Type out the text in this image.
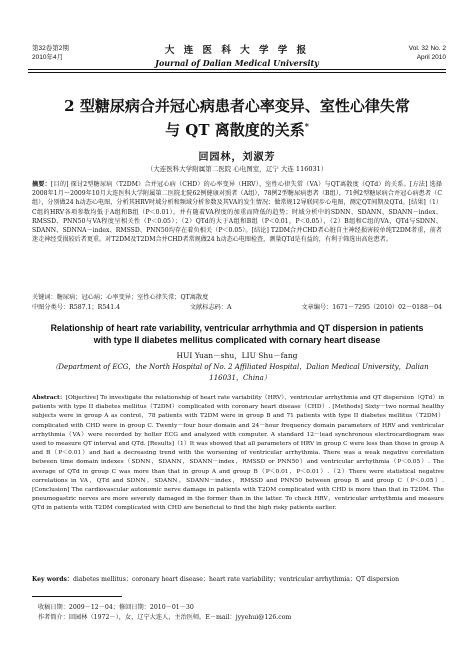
第32卷第2期
2010年4月
大 连 医 科 大 学 学 报
Journal of Dalian Medical University
Vol. 32 No. 2
April 2010
2 型糖尿病合并冠心病患者心率变异、室性心律失常
与 QT 离散度的关系*
回园林，刘淑芳
（大连医科大学附属第二医院 心电图室，辽宁 大连 116031）
摘要：[目的] 探讨2型糖尿病（T2DM）合并冠心病（CHD）的心率变异（HRV）、室性心律失常（VA）与QT离散度（QTd）的关系。[方法] 选择2008年1月～2009年10月大连医科大学附属第二医院北院62例健康对照者（A组），78例2型糖尿病患者（B组），71例2型糖尿病合并冠心病患者（C组），分别做24 h动态心电图，分析其HRV时域分析和频域分析参数及其VA的发生情况；做常规12导联同步心电图，测定QT间期及QTd。[结果]（1）C组的HRV各项参数均低于A组和B组（P＜0.01），并有随着VA程度的加重而降低的趋势；时域分析中的SDNN、SDANN、SDANN－index、RMSSD、PNN50与VA程度呈相关性（P＜0.05）；（2）QTd的大于A组和B组（P＜0.01，P＜0.05），（2）B组和C组的VA，QTd与SDNN、SDANN、SDNNA－index、RMSSD、PNN50均存在着负相关（P＜0.05）。[结论] T2DM合并CHD者心脏自主神经损害较单纯T2DM者重，前者迷走神经受损较后者更重。对T2DM及T2DM合并CHD者常规做24 h动态心电图检查，测量QTd是有益的，有利于筛选出高危患者。
关键词：糖尿病；冠心病；心率变异；室性心律失常；QT离散度
中图分类号：R587.1；R541.4	文献标志码：A	文章编号：1671－7295（2010）02－0188－04
Relationship of heart rate variability, ventricular arrhythmia and QT dispersion in patients
with type II diabetes mellitus complicated with cornary heart disease
HUI Yuan－shu，LIU Shu－fang
（Department of ECG，the North Hospital of No. 2 Affiliated Hospital，Dalian Medical University，Dalian 116031，China）
Abstract：[Objective] To investigate the relationship of heart rate variability（HRV），ventricular arrhythmia and QT dispersion（QTd）in patients with type II diabetes mellitus（T2DM）complicated with coronary heart disease（CHD）. [Methods] Sixty－two normal healthy subjects were in group A as control，78 patients with T2DM were in group B and 71 patients with type II diabetes mellitus（T2DM）complicated with CHD were in group C. Twenty－four hour domain and 24－hour frequency domain parameters of HRV and ventricular arrhythmia（VA）were recorded by holter ECG and analyzed with computer. A standard 12－lead synchronous electrocardiogram was used to measure QT interval and QTd. [Results]（1）It was showed that all parameters of HRV in group C were less than those in group A and B（P＜0.01）and had a decreasing trend with the worsening of ventricular arrhythmia. There was a weak negative correlation between time domain indexes（SDNN，SDANN，SDANN－index，RMSSD or PNN50）and ventricular arrhythmia（P＜0.05）. The average of QTd in group C was more than that in group A and group B（P＜0.01，P＜0.01）.（2）There were statistical negative correlations in VA，QTd and SDNN，SDANN，SDANN－index，RMSSD and PNN50 between group B and group C（P＜0.05）. [Conclusion] The cardiovascular autonomic nerve damage in patients with T2DM complicated with CHD is more than that in T2DM. The pneumogastric nerves are more severely damaged in the former than in the latter. To check HRV，ventricular arrhythmia and measure QTd in patients with T2DM complicated with CHD are beneficial to find the high risky patients earlier.
Key words：diabetes mellitus；coronary heart disease；heart rate variability；ventricular arrhythmia；QT dispersion
收稿日期：2009－12－04；修回日期：2010－01－30
作者简介：回园林（1972－），女，辽宁大连人，主治医师。E－mail：jyyehui@126.com
